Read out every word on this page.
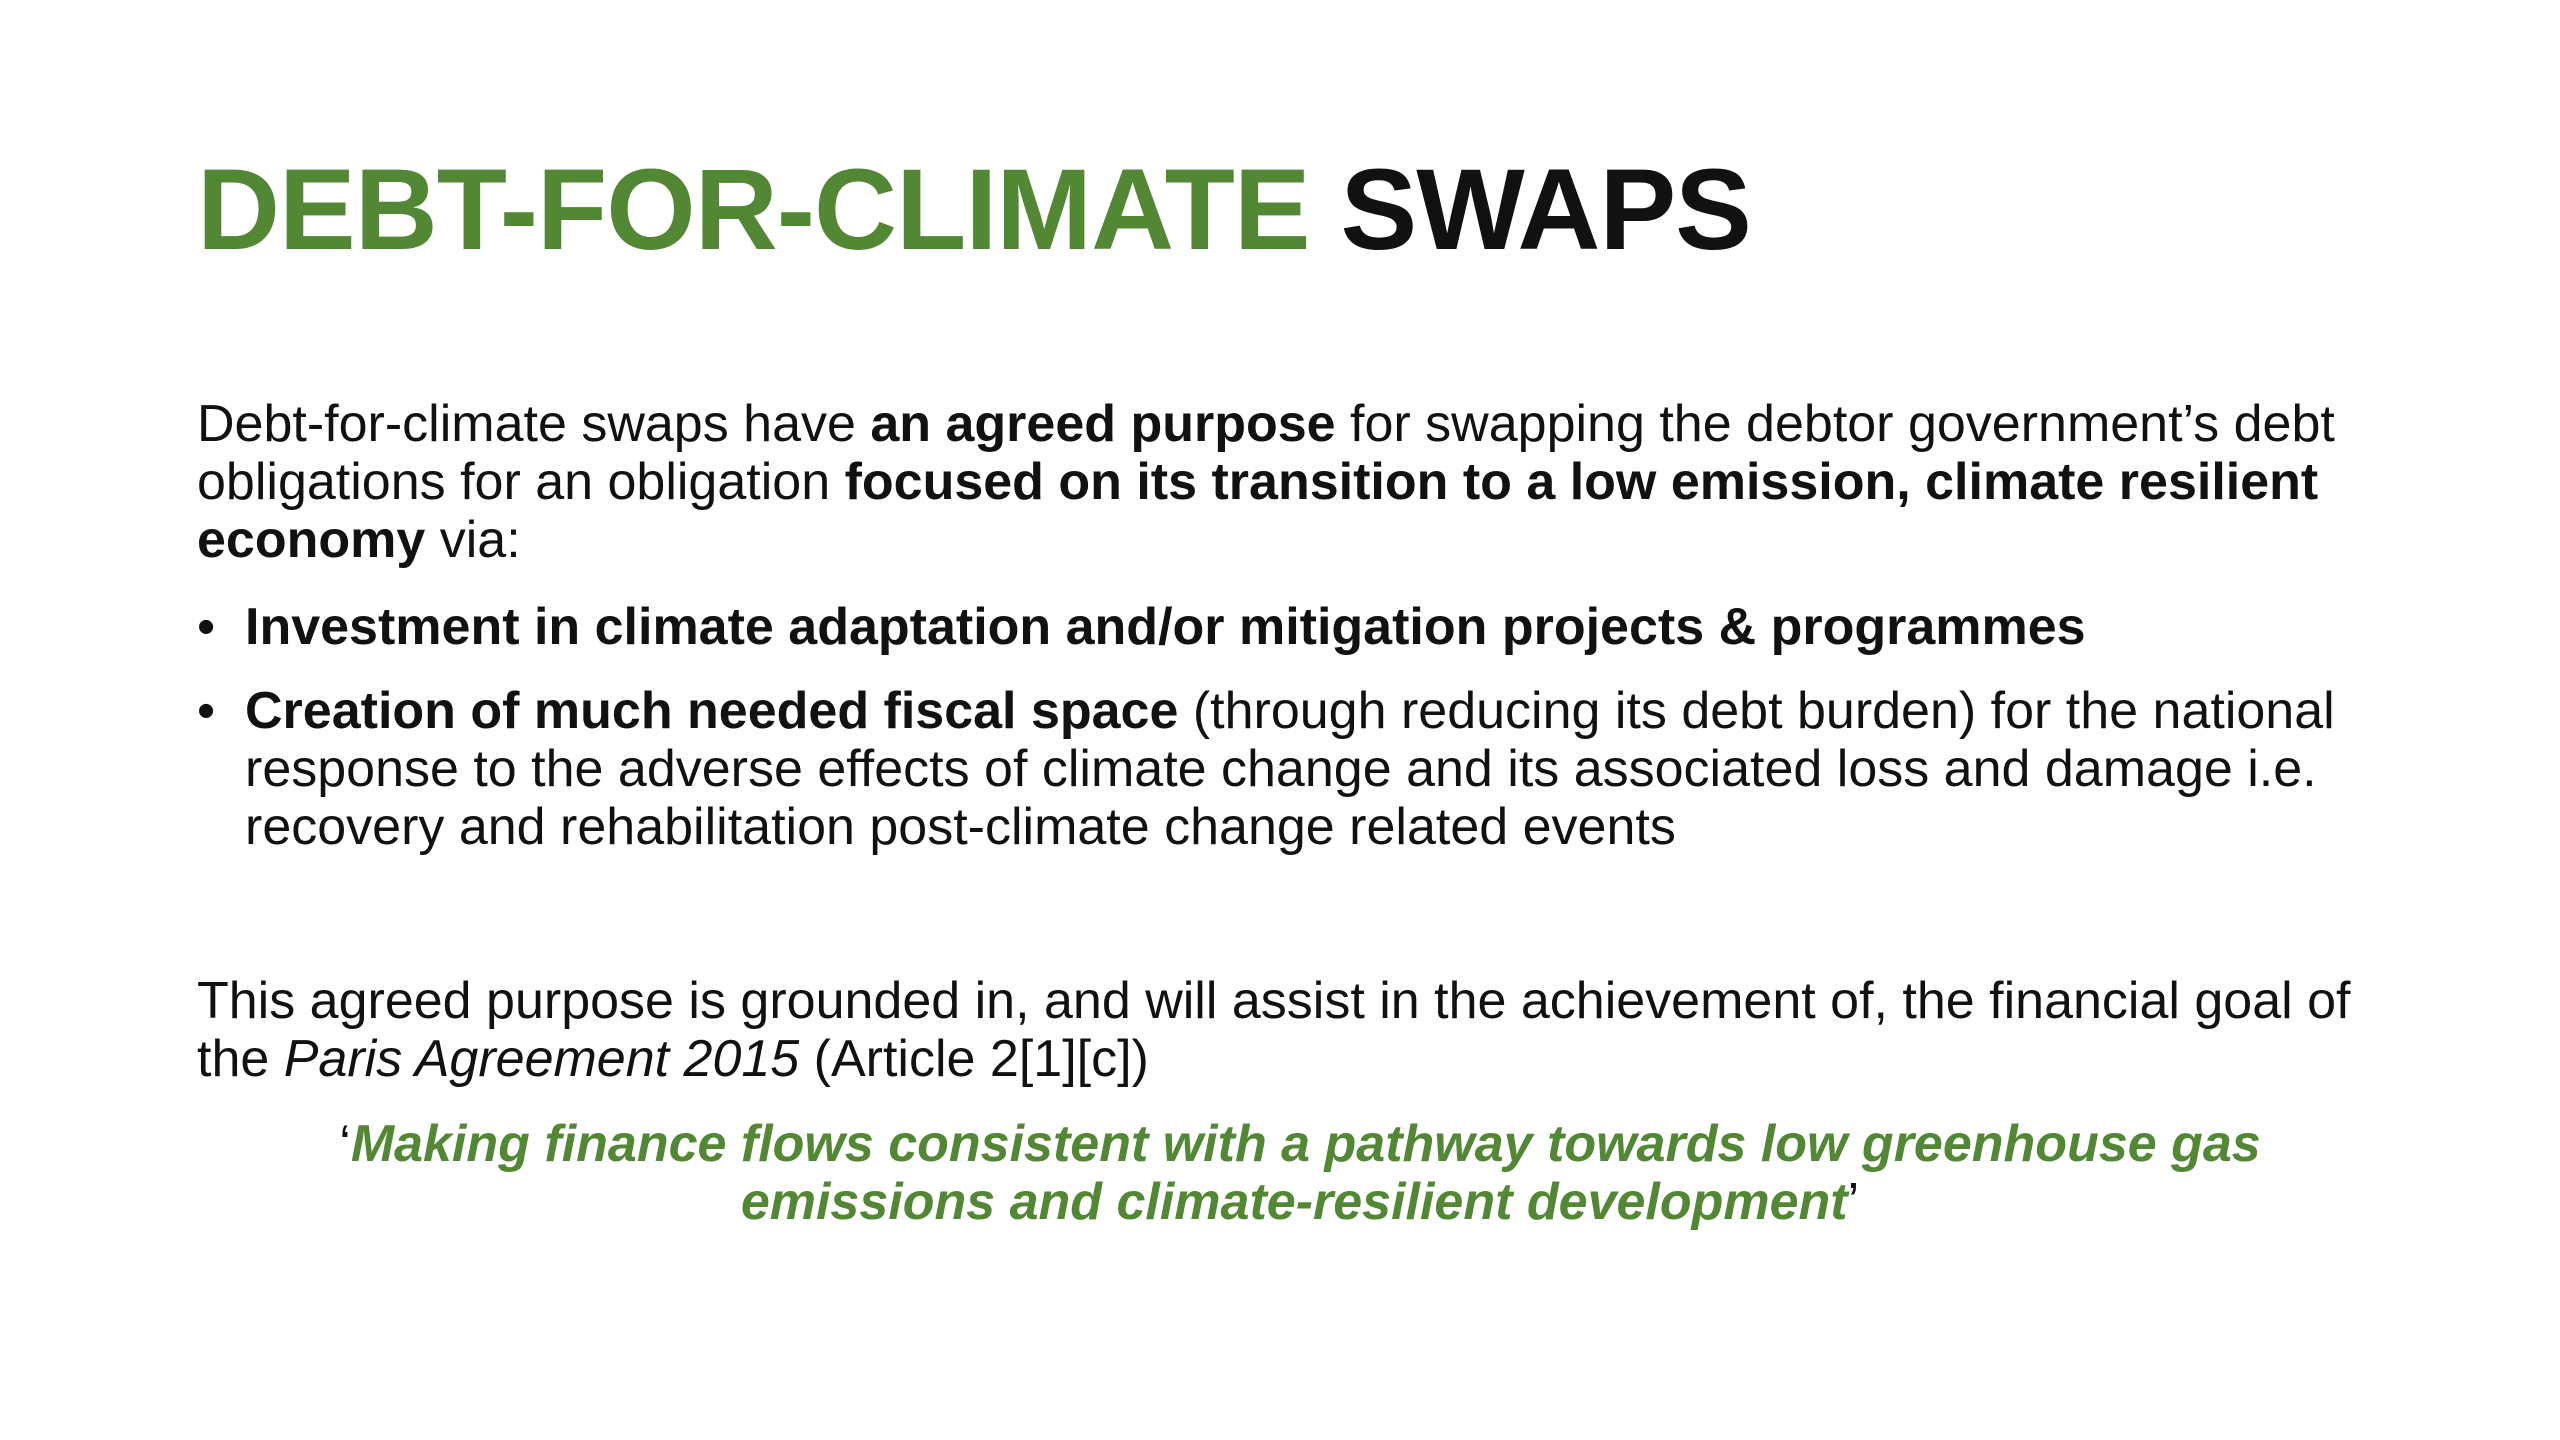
DEBT-FOR-CLIMATE SWAPS

Debt-for-climate swaps have an agreed purpose for swapping the debtor government’s debt obligations for an obligation focused on its transition to a low emission, climate resilient economy via:

• Investment in climate adaptation and/or mitigation projects & programmes
• Creation of much needed fiscal space (through reducing its debt burden) for the national response to the adverse effects of climate change and its associated loss and damage i.e. recovery and rehabilitation post-climate change related events

This agreed purpose is grounded in, and will assist in the achievement of, the financial goal of the Paris Agreement 2015 (Article 2[1][c])

‘Making finance flows consistent with a pathway towards low greenhouse gas emissions and climate-resilient development’
